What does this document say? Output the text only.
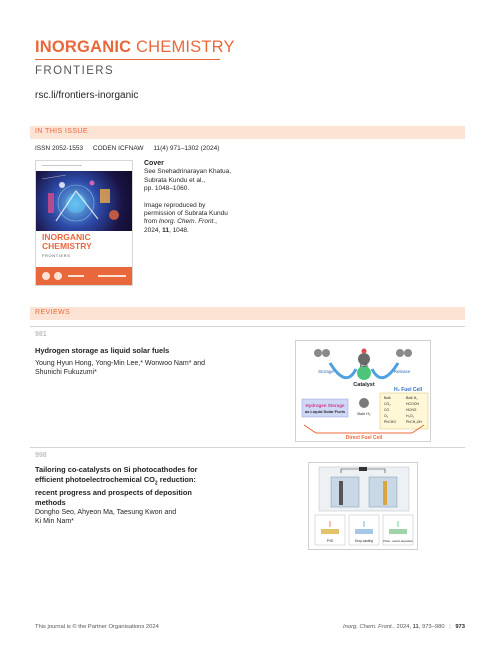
INORGANIC CHEMISTRY
FRONTIERS
rsc.li/frontiers-inorganic
IN THIS ISSUE
ISSN 2052-1553 CODEN ICFNAW 11(4) 971–1302 (2024)
INORGANIC
CHEMISTRY
FRONTIERS
Cover
See Snehadrinarayan Khatua,
Subrata Kundu et al.,
pp. 1048–1060.
Image reproduced by
permission of Subrata Kundu
from Inorg. Chem. Front.,
2024, 11, 1048.
REVIEWS
981
Hydrogen storage as liquid solar fuels
Young Hyun Hong, Yong-Min Lee,* Wonwoo Nam* and
Shunichi Fukuzumi*
Bulk
Catalyst
Storage	Release
H₂ Fuel Cell
Bulk H₂
Hydrogen Storage
as Liquid Solar Fuels
Bulk
CO₂
CO
O₂
PhCHO
Bulk H₂
HCOOH
HCHO
H₂O₂
PhCH₂OH
Direct Fuel Cell
998
Tailoring co-catalysts on Si photocathodes for
efficient photoelectrochemical $CO_2$ reduction:
recent progress and prospects of deposition
methods
Dongho Seo, Ahyeon Ma, Taesung Kwon and
Ki Min Nam*
PVD	Drop-casting	Photo-, electro-deposition
This journal is © the Partner Organisations 2024	Inorg. Chem. Front., 2024, 11, 973–980 | 973
